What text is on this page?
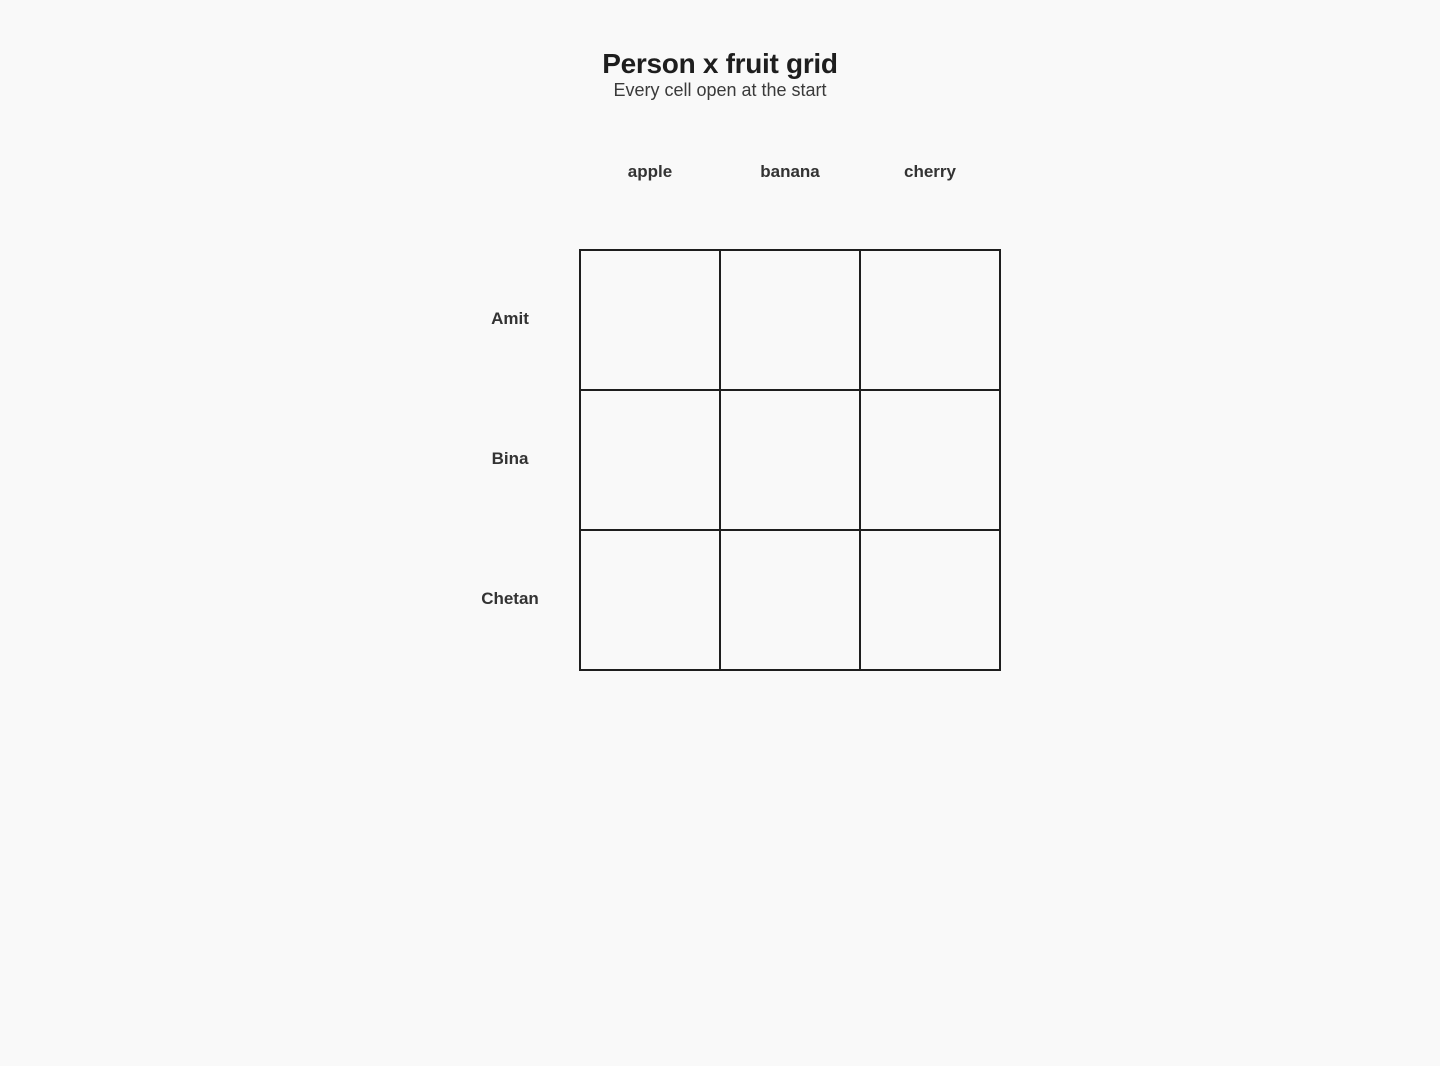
Person x fruit grid
Every cell open at the start
apple	banana	cherry
Amit
Bina
Chetan
